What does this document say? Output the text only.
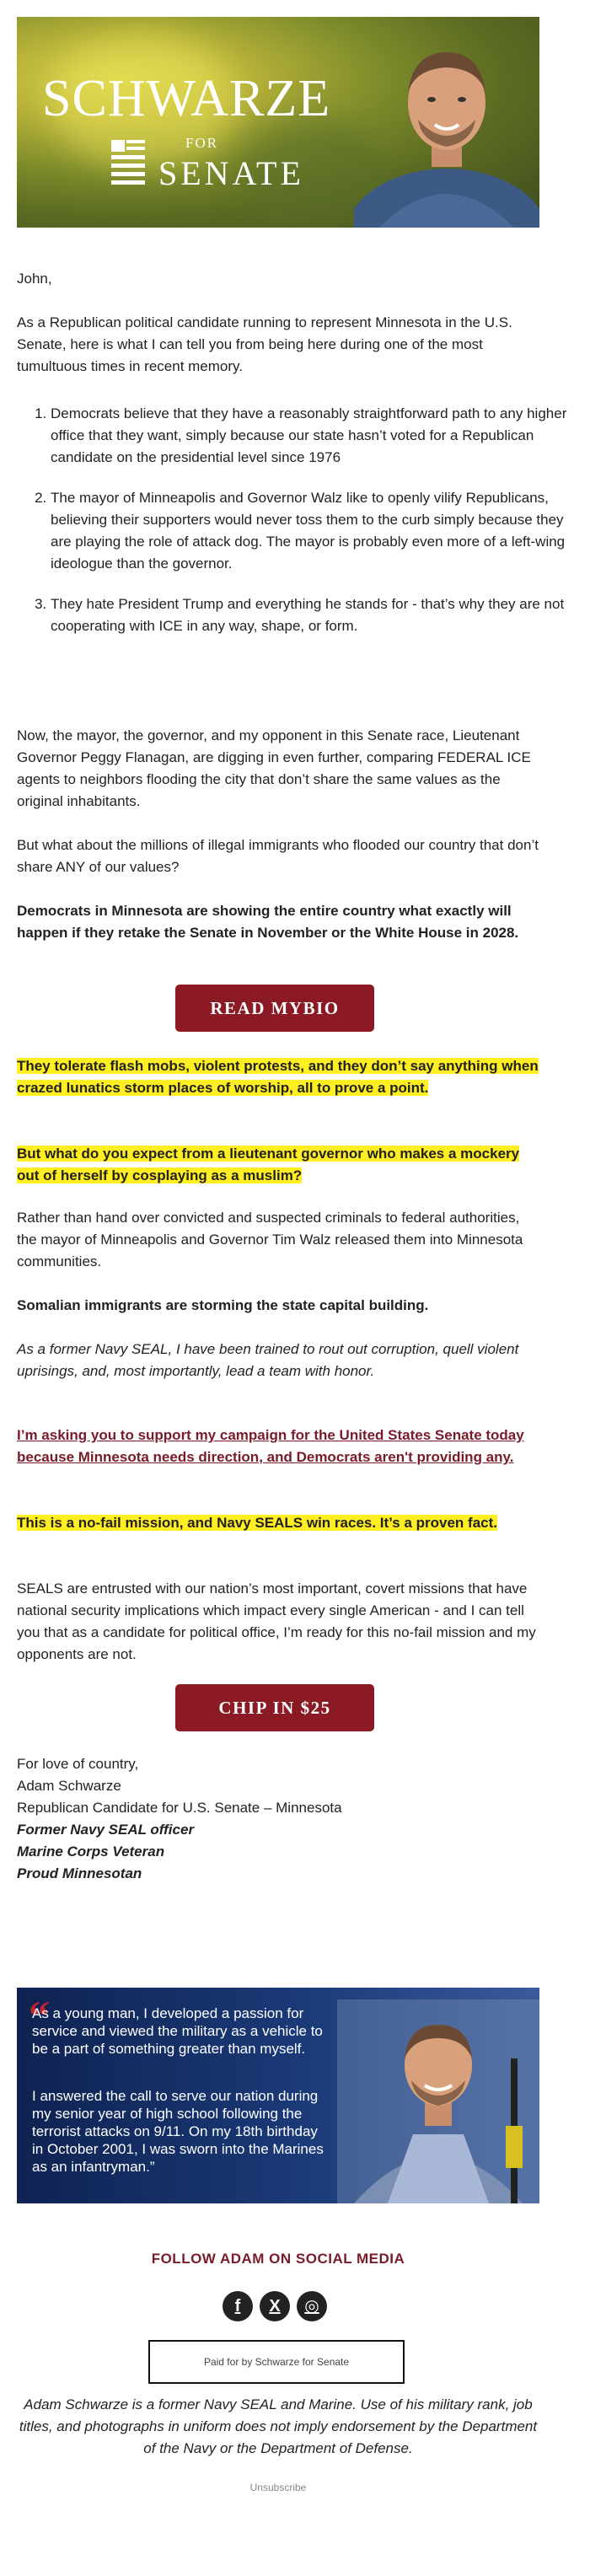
SCHWARZE
FOR
SENATE
John,
As a Republican political candidate running to represent Minnesota in the U.S. Senate, here is what I can tell you from being here during one of the most tumultuous times in recent memory.
1. Democrats believe that they have a reasonably straightforward path to any higher office that they want, simply because our state hasn’t voted for a Republican candidate on the presidential level since 1976
2. The mayor of Minneapolis and Governor Walz like to openly vilify Republicans, believing their supporters would never toss them to the curb simply because they are playing the role of attack dog. The mayor is probably even more of a left-wing ideologue than the governor.
3. They hate President Trump and everything he stands for - that’s why they are not cooperating with ICE in any way, shape, or form.
Now, the mayor, the governor, and my opponent in this Senate race, Lieutenant Governor Peggy Flanagan, are digging in even further, comparing FEDERAL ICE agents to neighbors flooding the city that don’t share the same values as the original inhabitants.
But what about the millions of illegal immigrants who flooded our country that don’t share ANY of our values?
Democrats in Minnesota are showing the entire country what exactly will happen if they retake the Senate in November or the White House in 2028.
READ MYBIO
They tolerate flash mobs, violent protests, and they don’t say anything when crazed lunatics storm places of worship, all to prove a point.
But what do you expect from a lieutenant governor who makes a mockery out of herself by cosplaying as a muslim?
Rather than hand over convicted and suspected criminals to federal authorities, the mayor of Minneapolis and Governor Tim Walz released them into Minnesota communities.
Somalian immigrants are storming the state capital building.
As a former Navy SEAL, I have been trained to rout out corruption, quell violent uprisings, and, most importantly, lead a team with honor.
I’m asking you to support my campaign for the United States Senate today because Minnesota needs direction, and Democrats aren't providing any.
This is a no-fail mission, and Navy SEALS win races. It’s a proven fact.
SEALS are entrusted with our nation’s most important, covert missions that have national security implications which impact every single American - and I can tell you that as a candidate for political office, I’m ready for this no-fail mission and my opponents are not.
CHIP IN $25
For love of country,
Adam Schwarze
Republican Candidate for U.S. Senate – Minnesota
Former Navy SEAL officer
Marine Corps Veteran
Proud Minnesotan
“
As a young man, I developed a passion for service and viewed the military as a vehicle to be a part of something greater than myself.
I answered the call to serve our nation during my senior year of high school following the terrorist attacks on 9/11. On my 18th birthday in October 2001, I was sworn into the Marines as an infantryman.”
FOLLOW ADAM ON SOCIAL MEDIA
f	X	◎
Paid for by Schwarze for Senate
Adam Schwarze is a former Navy SEAL and Marine. Use of his military rank, job titles, and photographs in uniform does not imply endorsement by the Department of the Navy or the Department of Defense.
Unsubscribe
